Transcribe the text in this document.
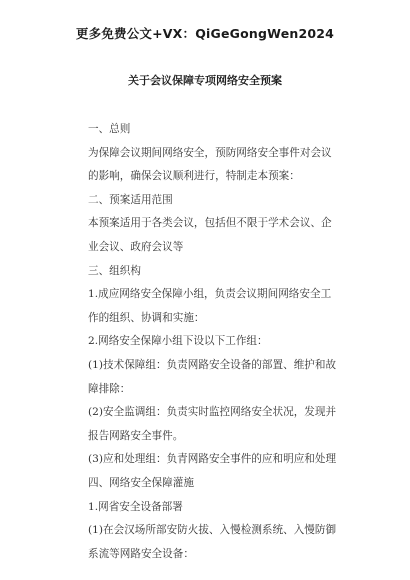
更多免费公文+VX：QiGeGongWen2024
关于会议保障专项网络安全预案

一、总则

为保障会议期间网络安全，预防网络安全事件对会议

的影响，确保会议顺利进行，特制走本预案：

二、预案适用范围

本预案适用于各类会议，包括但不限于学术会议、企

业会议、政府会议等

三、组织构

1.成应网络安全保障小组，负责会议期间网络安全工

作的组织、协调和实施：

2.网络安全保障小组下设以下工作组：

(1)技术保障组：负责网路安全设备的部置、维护和故

障排除：

(2)安全监调组：负责实时监控网络安全状况，发现并

报告网路安全事件。

(3)应和处理组：负青网路安全事件的应和明应和处理

四、网络安全保障灌施

1.网省安全设备部署

(1)在会汉场所部安防火拔、入慢检测系统、入慢防御

系流等网路安全设备：
